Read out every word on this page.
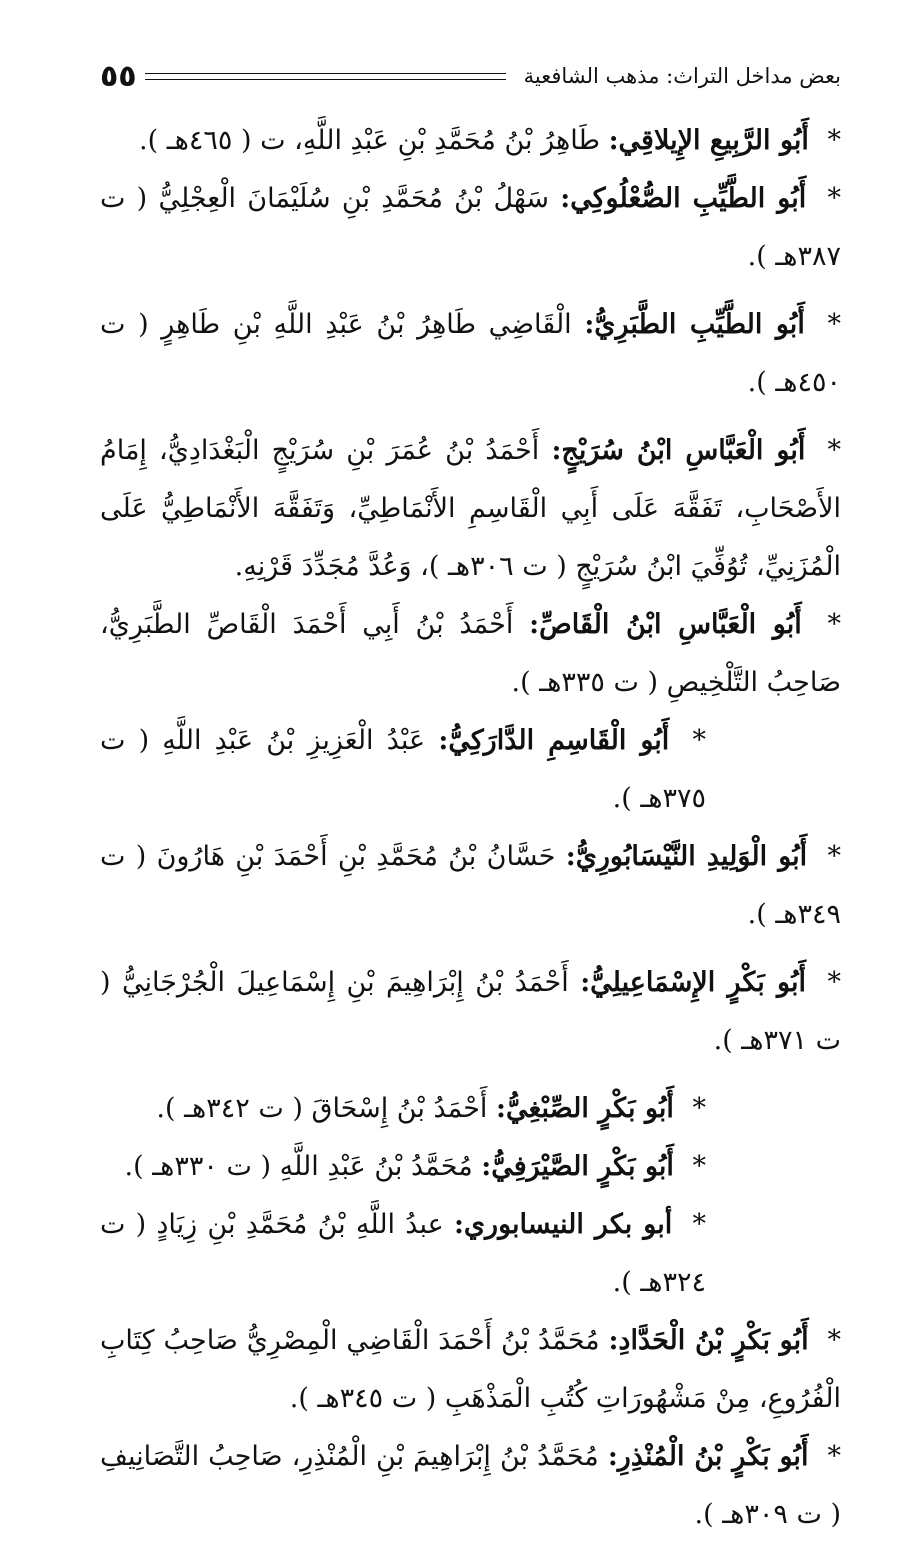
بعض مداخل التراث: مذهب الشافعية
٥٥

* أَبُو الرَّبِيعِ الإِيلاقِي: طَاهِرُ بْنُ مُحَمَّدِ بْنِ عَبْدِ اللَّهِ، ت ( ٤٦٥هـ ).

* أَبُو الطَّيِّبِ الصُّعْلُوكِي: سَهْلُ بْنُ مُحَمَّدِ بْنِ سُلَيْمَانَ الْعِجْلِيُّ ( ت ٣٨٧هـ ).

* أَبُو الطَّيِّبِ الطَّبَرِيُّ: الْقَاضِي طَاهِرُ بْنُ عَبْدِ اللَّهِ بْنِ طَاهِرٍ ( ت ٤٥٠هـ ).

* أَبُو الْعَبَّاسِ ابْنُ سُرَيْجٍ: أَحْمَدُ بْنُ عُمَرَ بْنِ سُرَيْجٍ الْبَغْدَادِيُّ، إِمَامُ الأَصْحَابِ، تَفَقَّهَ عَلَى أَبِي الْقَاسِمِ الأَنْمَاطِيِّ، وَتَفَقَّهَ الأَنْمَاطِيُّ عَلَى الْمُزَنِيِّ، تُوُفِّيَ ابْنُ سُرَيْجٍ ( ت ٣٠٦هـ )، وَعُدَّ مُجَدِّدَ قَرْنِهِ.

* أَبُو الْعَبَّاسِ ابْنُ الْقَاصِّ: أَحْمَدُ بْنُ أَبِي أَحْمَدَ الْقَاصِّ الطَّبَرِيُّ، صَاحِبُ التَّلْخِيصِ ( ت ٣٣٥هـ ).

* أَبُو الْقَاسِمِ الدَّارَكِيُّ: عَبْدُ الْعَزِيزِ بْنُ عَبْدِ اللَّهِ ( ت ٣٧٥هـ ).

* أَبُو الْوَلِيدِ النَّيْسَابُورِيُّ: حَسَّانُ بْنُ مُحَمَّدِ بْنِ أَحْمَدَ بْنِ هَارُونَ ( ت ٣٤٩هـ ).

* أَبُو بَكْرٍ الإِسْمَاعِيلِيُّ: أَحْمَدُ بْنُ إِبْرَاهِيمَ بْنِ إِسْمَاعِيلَ الْجُرْجَانِيُّ ( ت ٣٧١هـ ).

* أَبُو بَكْرٍ الصِّبْغِيُّ: أَحْمَدُ بْنُ إِسْحَاقَ ( ت ٣٤٢هـ ).

* أَبُو بَكْرٍ الصَّيْرَفِيُّ: مُحَمَّدُ بْنُ عَبْدِ اللَّهِ ( ت ٣٣٠هـ ).

* أبو بكر النيسابوري: عبدُ اللَّهِ بْنُ مُحَمَّدِ بْنِ زِيَادٍ ( ت ٣٢٤هـ ).

* أَبُو بَكْرٍ بْنُ الْحَدَّادِ: مُحَمَّدُ بْنُ أَحْمَدَ الْقَاضِي الْمِصْرِيُّ صَاحِبُ كِتَابِ الْفُرُوعِ، مِنْ مَشْهُورَاتِ كُتُبِ الْمَذْهَبِ ( ت ٣٤٥هـ ).

* أَبُو بَكْرٍ بْنُ الْمُنْذِرِ: مُحَمَّدُ بْنُ إِبْرَاهِيمَ بْنِ الْمُنْذِرِ، صَاحِبُ التَّصَانِيفِ ( ت ٣٠٩هـ ).
